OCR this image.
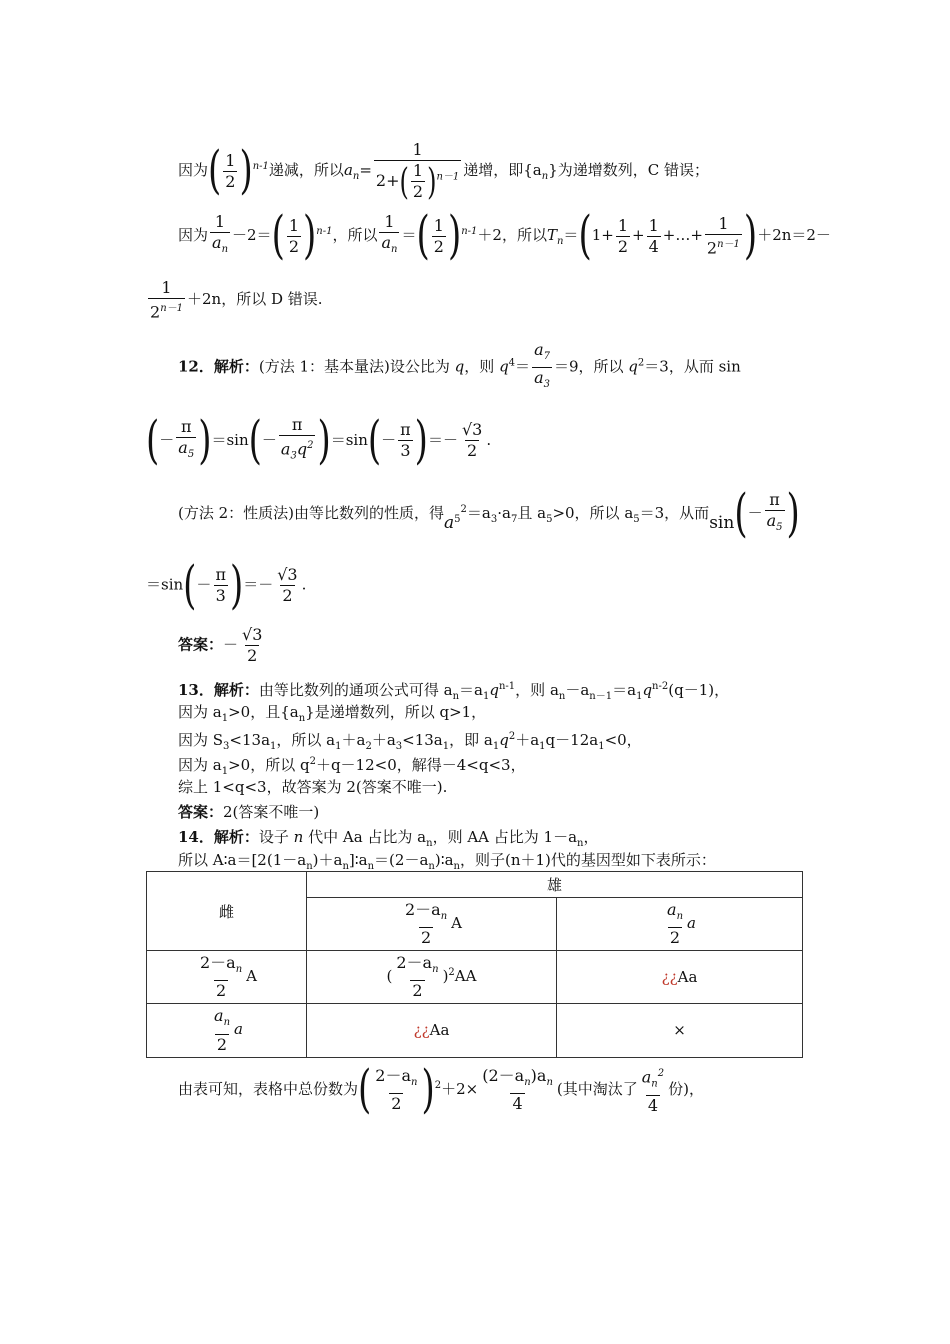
因为( $\frac{1}{2} )^{n-1}$递减，所以$a_n= \frac{1}{2+( \frac{1}{2} )^{n-1}}$ 递增，即$\{a_n\}$为递增数列，C 错误；
因为 $\frac{1}{a_n} -2=( \frac{1}{2} )^{n-1}$，所以 $\frac{1}{a_n}$ ＝( $\frac{1}{2} )^{n-1}+2$，所以$T_n=(1+ \frac{1}{2} + \frac{1}{4}$ +…+ $\frac{1}{2^{n-1}} )+2n=2-$
$\frac{1}{2^{n-1}} +2n$，所以 D 错误.
12．解析：(方法 1：基本量法)设公比为 q，则 $q^4= \frac{a_7}{a_3} =9$，所以 $q^2=3$，从而 sin
(－ $\frac{\pi}{a_5} )=\sin(- \frac{\pi}{a_3q^2} )=\sin(- \frac{\pi}{3}$ )＝－ $\frac{√3}{2}$ .
(方法 2：性质法)由等比数列的性质，得$a_5^2=a_3\cdot a_7$且 $a_5>0$，所以 $a_5=3$，从而$\sin(- \frac{\pi}{a_5}$ )
$=\sin(- \frac{\pi}{3}$ )＝－ $\frac{√3}{2}$ .
答案：－ $\frac{√3}{2}$
13．解析：由等比数列的通项公式可得 $a_n=a_1q^{n-1}$，则 $a_n-a_{n-1}=a_1q^{n-2}(q-1)$，
因为 $a_1>0$，且$\{a_n\}$是递增数列，所以 q>1，
因为 $S_3<13a_1$，所以 $a_1+a_2+a_3<13a_1$，即 $a_1q^2+a_1q-12a_1<0$，
因为 $a_1>0$，所以 $q^2+q-12<0$，解得－4<q<3，
综上 1<q<3，故答案为 2(答案不唯一).
答案：2(答案不唯一)
14．解析：设子 n 代中 Aa 占比为 $a_n$，则 AA 占比为 $1-a_n$，
所以 $A∶a=[2(1-a_n)+a_n]∶a_n=(2-a_n)∶a_n$，则子(n＋1)代的基因型如下表所示：
雌	雄	

	$\frac{2-a_n}{2}$ A	$\frac{a_n}{2}$ a

$\frac{2-a_n}{2}$ A	( $\frac{2-a_n}{2} )^2AA$	¿¿Aa

$\frac{a_n}{2}$ a	¿¿Aa	×
由表可知，表格中总份数为( $\frac{2-a_n}{2} )^2+2\times \frac{(2-a_n)a_n}{4}$ (其中淘汰了 $\frac{a_n^2}{4}$ 份)，
